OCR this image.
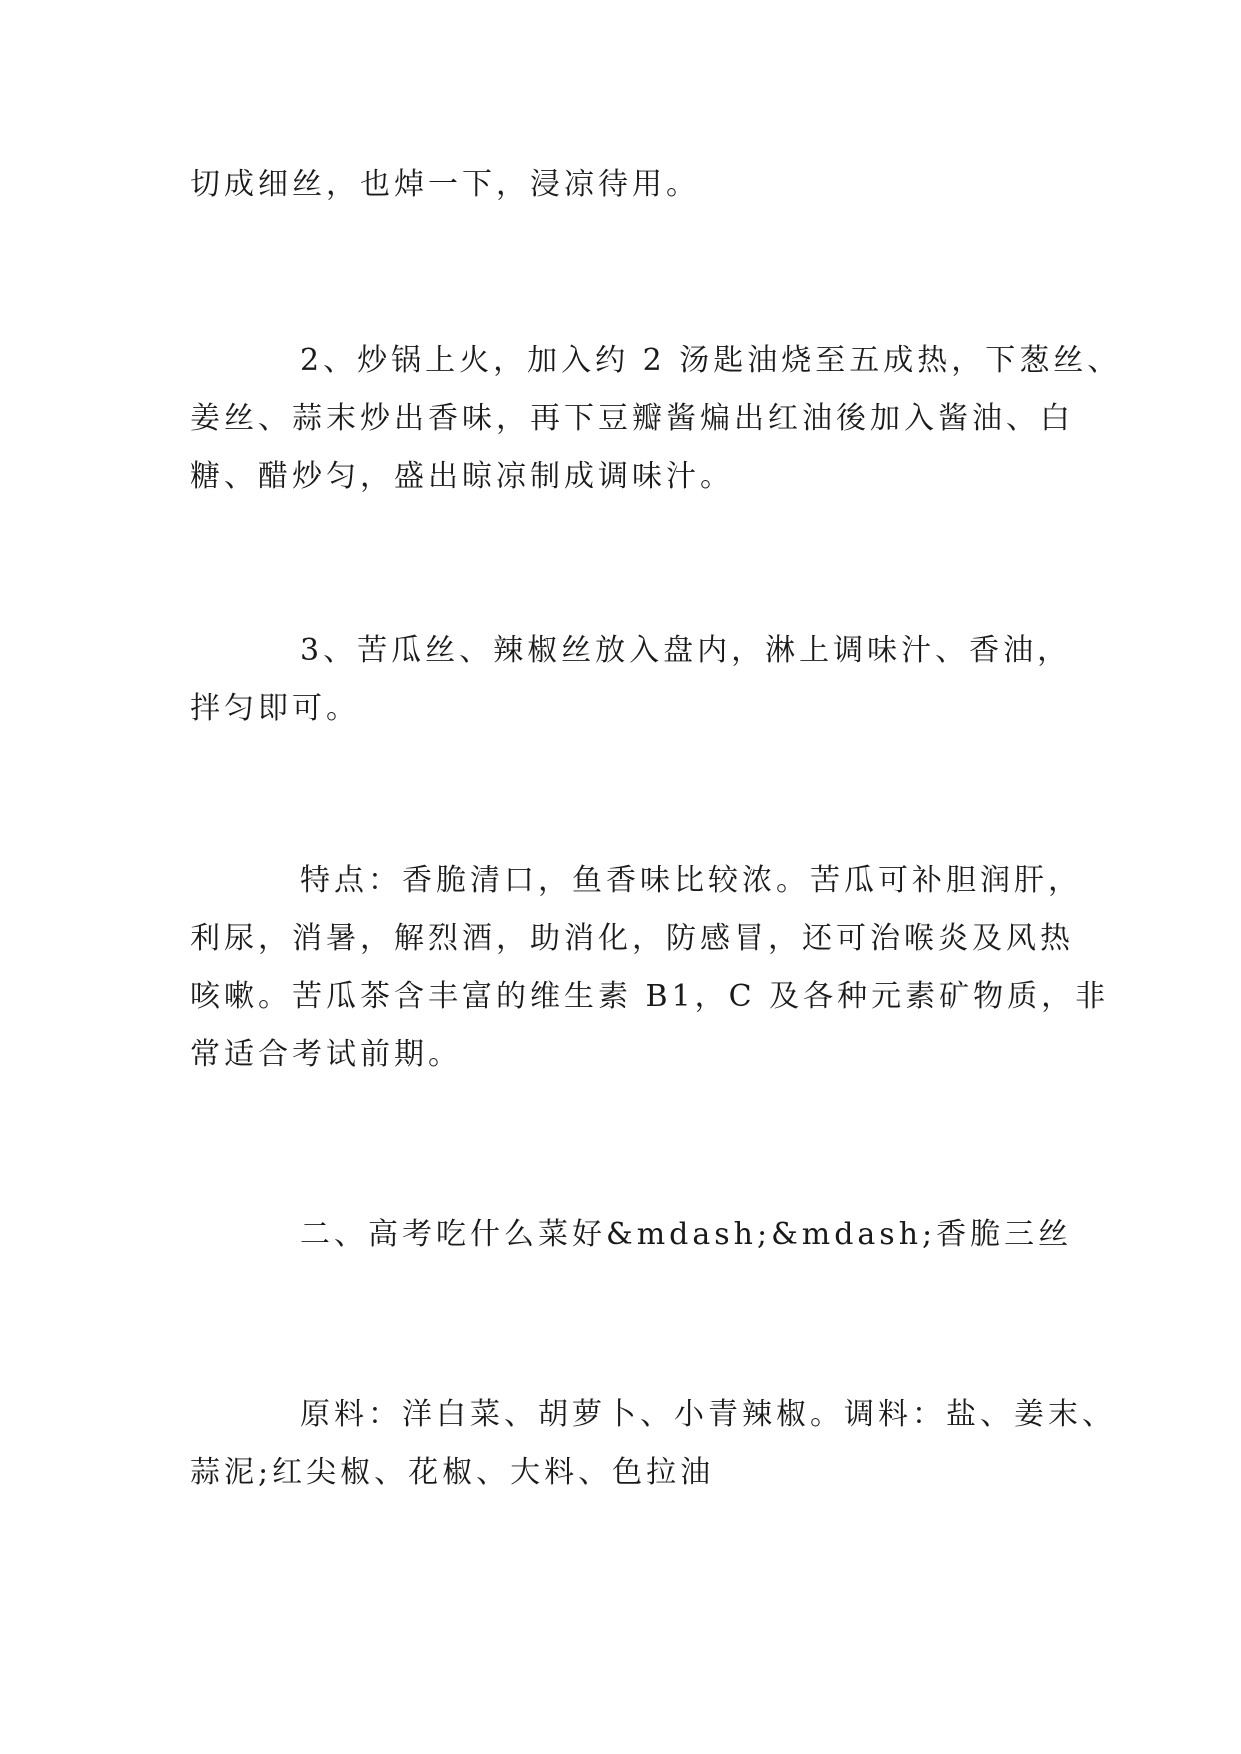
切成细丝，也焯一下，浸凉待用。

2、炒锅上火，加入约 2 汤匙油烧至五成热，下葱丝、
姜丝、蒜末炒出香味，再下豆瓣酱煸出红油後加入酱油、白
糖、醋炒匀，盛出晾凉制成调味汁。

3、苦瓜丝、辣椒丝放入盘内，淋上调味汁、香油，
拌匀即可。

特点：香脆清口，鱼香味比较浓。苦瓜可补胆润肝，
利尿，消暑，解烈酒，助消化，防感冒，还可治喉炎及风热
咳嗽。苦瓜茶含丰富的维生素 B1，C 及各种元素矿物质，非
常适合考试前期。

二、高考吃什么菜好&mdash;&mdash;香脆三丝

原料：洋白菜、胡萝卜、小青辣椒。调料：盐、姜末、
蒜泥;红尖椒、花椒、大料、色拉油
